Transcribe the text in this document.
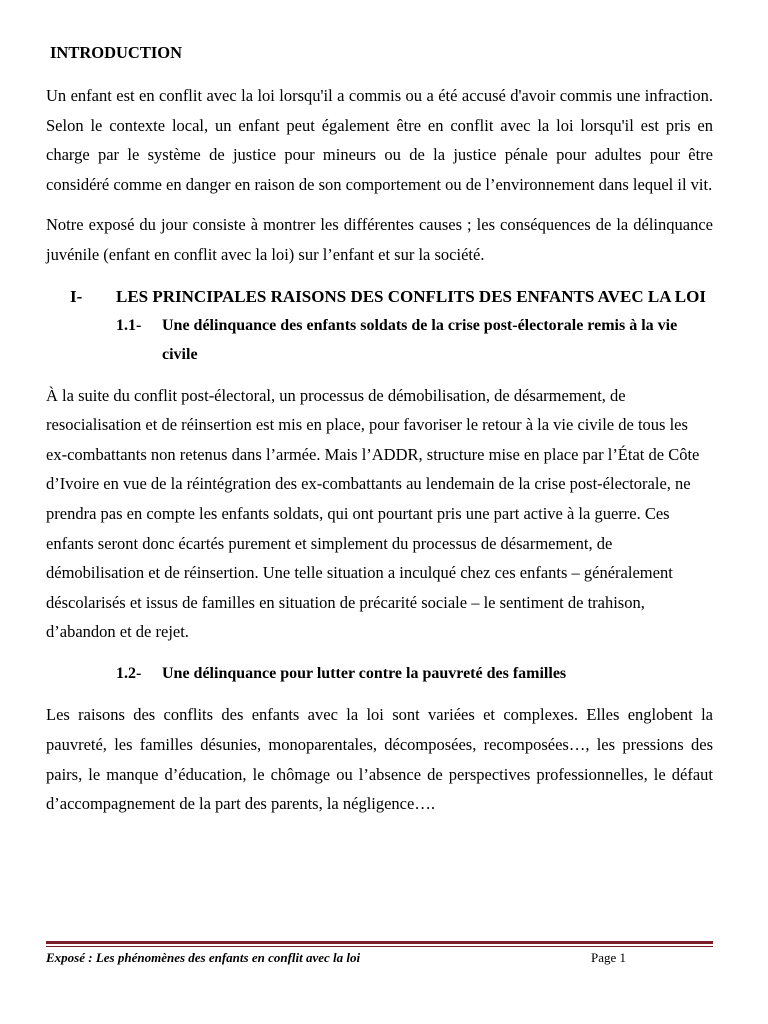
INTRODUCTION

Un enfant est en conflit avec la loi lorsqu'il a commis ou a été accusé d'avoir commis une infraction. Selon le contexte local, un enfant peut également être en conflit avec la loi lorsqu'il est pris en charge par le système de justice pour mineurs ou de la justice pénale pour adultes pour être considéré comme en danger en raison de son comportement ou de l’environnement dans lequel il vit.

Notre exposé du jour consiste à montrer les différentes causes ; les conséquences de la délinquance juvénile (enfant en conflit avec la loi) sur l’enfant et sur la société.

I-	LES PRINCIPALES RAISONS DES CONFLITS DES ENFANTS AVEC LA LOI
1.1-	Une délinquance des enfants soldats de la crise post-électorale remis à la vie civile

À la suite du conflit post-électoral, un processus de démobilisation, de désarmement, de resocialisation et de réinsertion est mis en place, pour favoriser le retour à la vie civile de tous les ex-combattants non retenus dans l’armée. Mais l’ADDR, structure mise en place par l’État de Côte d’Ivoire en vue de la réintégration des ex-combattants au lendemain de la crise post-électorale, ne prendra pas en compte les enfants soldats, qui ont pourtant pris une part active à la guerre. Ces enfants seront donc écartés purement et simplement du processus de désarmement, de démobilisation et de réinsertion. Une telle situation a inculqué chez ces enfants – généralement déscolarisés et issus de familles en situation de précarité sociale – le sentiment de trahison, d’abandon et de rejet.

1.2-	Une délinquance pour lutter contre la pauvreté des familles

Les raisons des conflits des enfants avec la loi sont variées et complexes. Elles englobent la pauvreté, les familles désunies, monoparentales, décomposées, recomposées…, les pressions des pairs, le manque d’éducation, le chômage ou l’absence de perspectives professionnelles, le défaut d’accompagnement de la part des parents, la négligence….

Exposé : Les phénomènes des enfants en conflit avec la loi	Page 1
